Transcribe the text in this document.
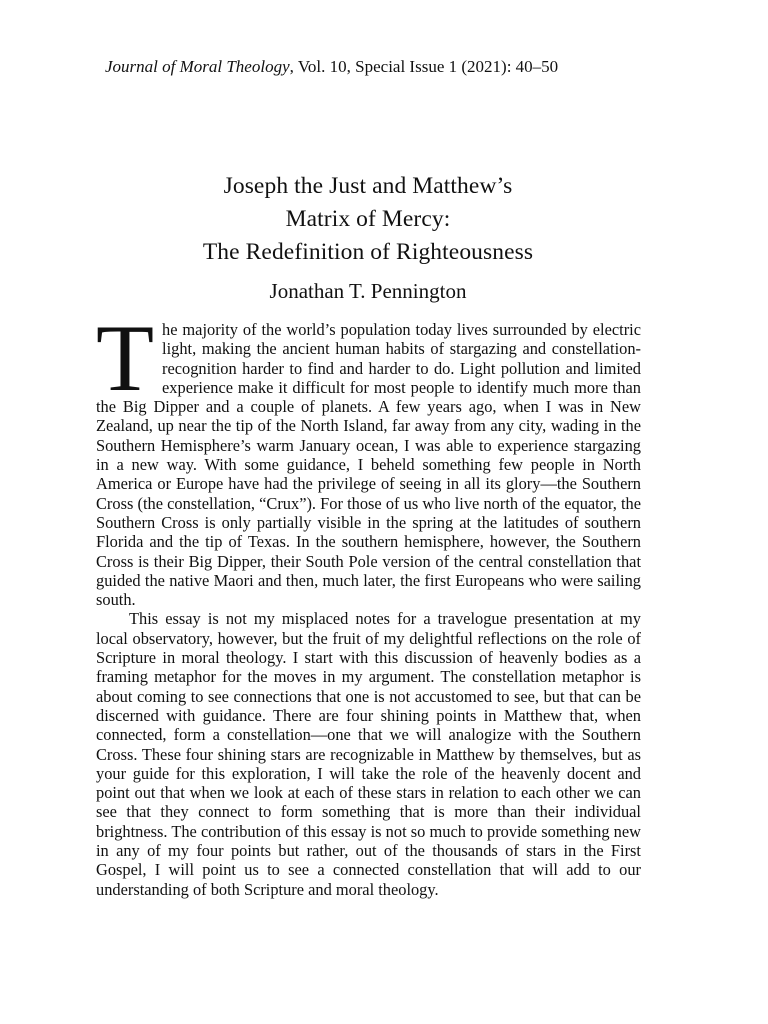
Journal of Moral Theology, Vol. 10, Special Issue 1 (2021): 40–50
Joseph the Just and Matthew’s
Matrix of Mercy:
The Redefinition of Righteousness
Jonathan T. Pennington

The majority of the world’s population today lives surrounded by electric light, making the ancient human habits of stargazing and constellation-recognition harder to find and harder to do. Light pollution and limited experience make it difficult for most people to identify much more than the Big Dipper and a couple of planets. A few years ago, when I was in New Zealand, up near the tip of the North Island, far away from any city, wading in the Southern Hemisphere’s warm January ocean, I was able to experience stargazing in a new way. With some guidance, I beheld something few people in North America or Europe have had the privilege of seeing in all its glory—the Southern Cross (the constellation, “Crux”). For those of us who live north of the equator, the Southern Cross is only partially visible in the spring at the latitudes of southern Florida and the tip of Texas. In the southern hemisphere, however, the Southern Cross is their Big Dipper, their South Pole version of the central constellation that guided the native Maori and then, much later, the first Europeans who were sailing south.

This essay is not my misplaced notes for a travelogue presentation at my local observatory, however, but the fruit of my delightful reflections on the role of Scripture in moral theology. I start with this discussion of heavenly bodies as a framing metaphor for the moves in my argument. The constellation metaphor is about coming to see connections that one is not accustomed to see, but that can be discerned with guidance. There are four shining points in Matthew that, when connected, form a constellation—one that we will analogize with the Southern Cross. These four shining stars are recognizable in Matthew by themselves, but as your guide for this exploration, I will take the role of the heavenly docent and point out that when we look at each of these stars in relation to each other we can see that they connect to form something that is more than their individual brightness. The contribution of this essay is not so much to provide something new in any of my four points but rather, out of the thousands of stars in the First Gospel, I will point us to see a connected constellation that will add to our understanding of both Scripture and moral theology.
